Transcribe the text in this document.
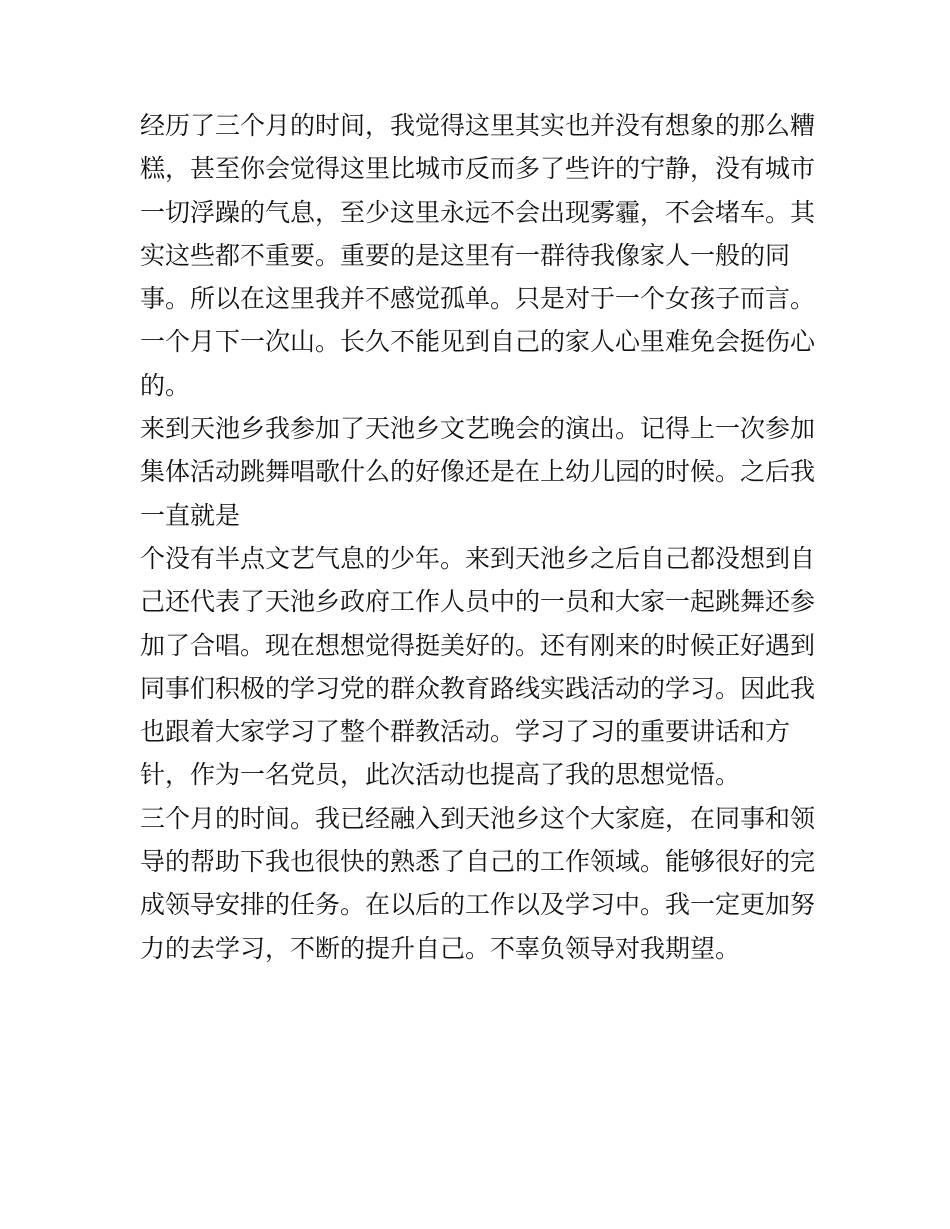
经历了三个月的时间，我觉得这里其实也并没有想象的那么糟
糕，甚至你会觉得这里比城市反而多了些许的宁静，没有城市
一切浮躁的气息，至少这里永远不会出现雾霾，不会堵车。其
实这些都不重要。重要的是这里有一群待我像家人一般的同
事。所以在这里我并不感觉孤单。只是对于一个女孩子而言。
一个月下一次山。长久不能见到自己的家人心里难免会挺伤心
的。
来到天池乡我参加了天池乡文艺晚会的演出。记得上一次参加
集体活动跳舞唱歌什么的好像还是在上幼儿园的时候。之后我
一直就是
个没有半点文艺气息的少年。来到天池乡之后自己都没想到自
己还代表了天池乡政府工作人员中的一员和大家一起跳舞还参
加了合唱。现在想想觉得挺美好的。还有刚来的时候正好遇到
同事们积极的学习党的群众教育路线实践活动的学习。因此我
也跟着大家学习了整个群教活动。学习了习的重要讲话和方
针，作为一名党员，此次活动也提高了我的思想觉悟。
三个月的时间。我已经融入到天池乡这个大家庭，在同事和领
导的帮助下我也很快的熟悉了自己的工作领域。能够很好的完
成领导安排的任务。在以后的工作以及学习中。我一定更加努
力的去学习，不断的提升自己。不辜负领导对我期望。
